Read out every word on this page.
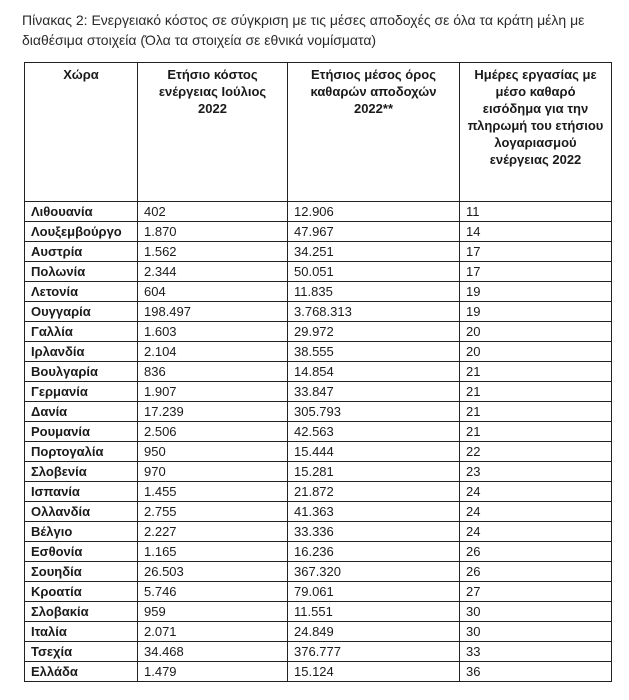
Πίνακας 2: Ενεργειακό κόστος σε σύγκριση με τις μέσες αποδοχές σε όλα τα κράτη μέλη με διαθέσιμα στοιχεία (Όλα τα στοιχεία σε εθνικά νομίσματα)
Χώρα	Ετήσιο κόστος ενέργειας Ιούλιος 2022	Ετήσιος μέσος όρος καθαρών αποδοχών 2022**	Ημέρες εργασίας με μέσο καθαρό εισόδημα για την πληρωμή του ετήσιου λογαριασμού ενέργειας 2022
Λιθουανία	402	12.906	11
Λουξεμβούργο	1.870	47.967	14
Αυστρία	1.562	34.251	17
Πολωνία	2.344	50.051	17
Λετονία	604	11.835	19
Ουγγαρία	198.497	3.768.313	19
Γαλλία	1.603	29.972	20
Ιρλανδία	2.104	38.555	20
Βουλγαρία	836	14.854	21
Γερμανία	1.907	33.847	21
Δανία	17.239	305.793	21
Ρουμανία	2.506	42.563	21
Πορτογαλία	950	15.444	22
Σλοβενία	970	15.281	23
Ισπανία	1.455	21.872	24
Ολλανδία	2.755	41.363	24
Βέλγιο	2.227	33.336	24
Εσθονία	1.165	16.236	26
Σουηδία	26.503	367.320	26
Κροατία	5.746	79.061	27
Σλοβακία	959	11.551	30
Ιταλία	2.071	24.849	30
Τσεχία	34.468	376.777	33
Ελλάδα	1.479	15.124	36
